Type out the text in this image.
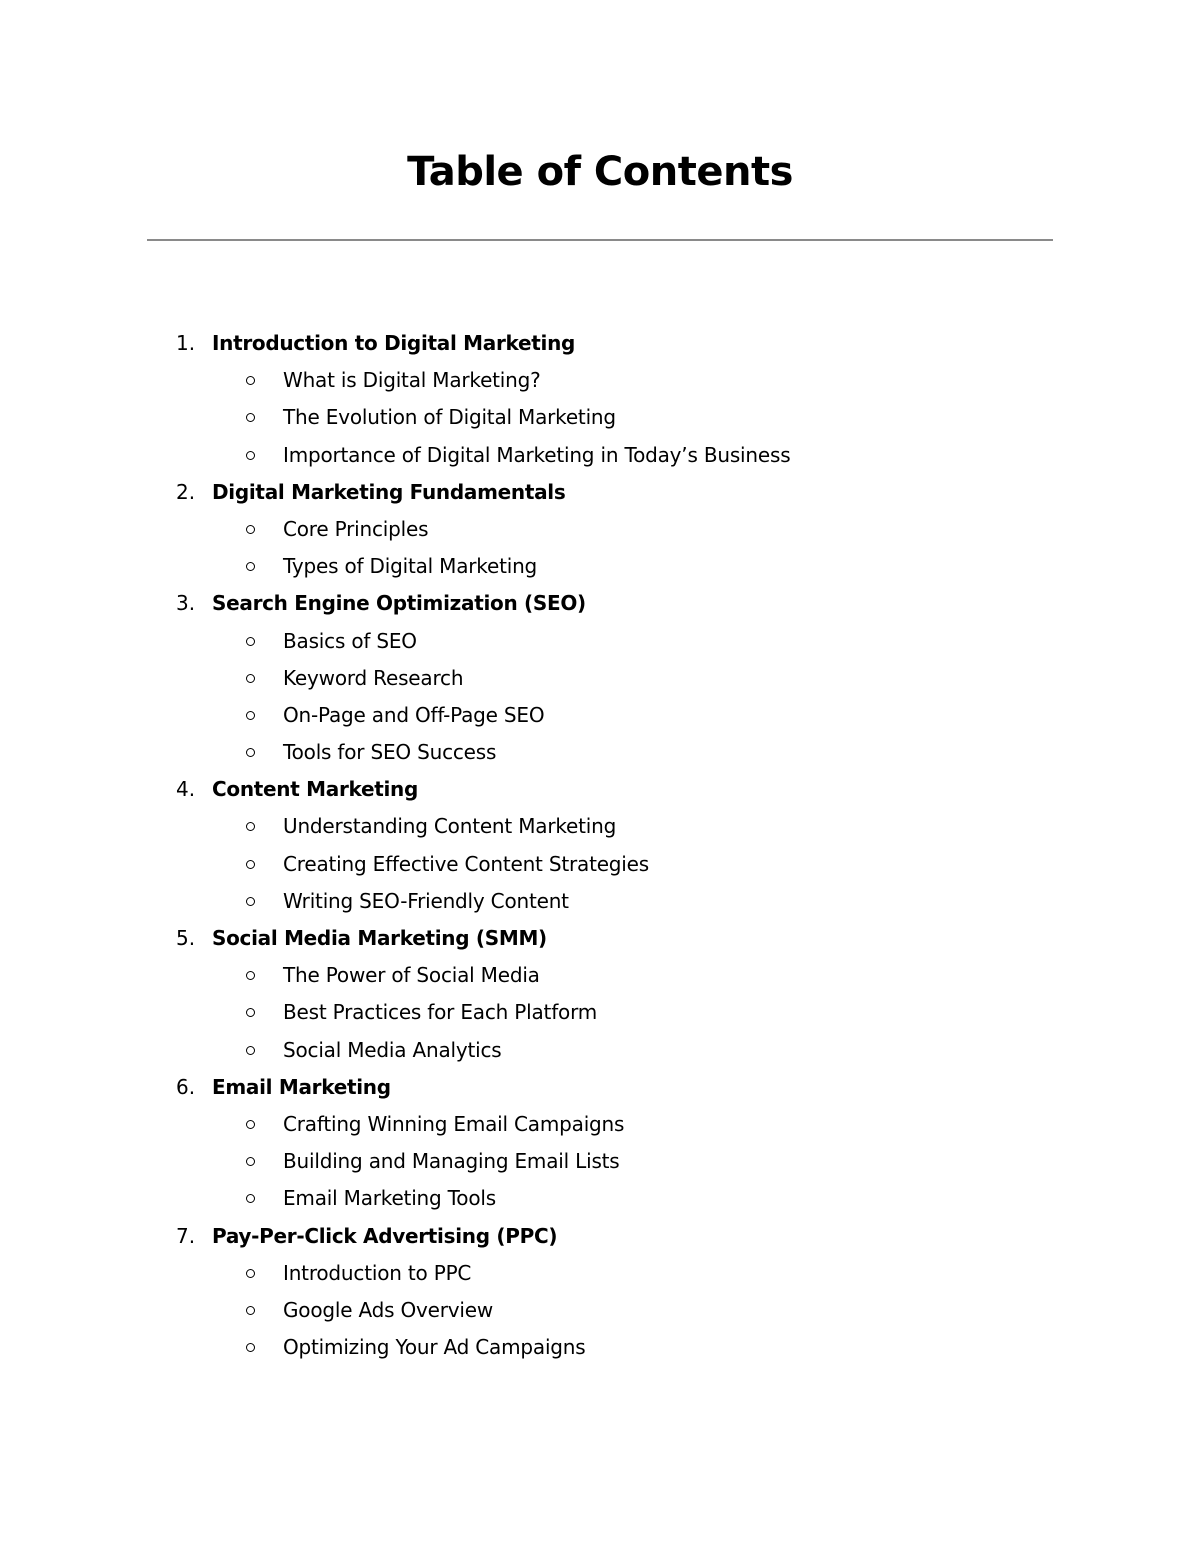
Table of Contents
1. Introduction to Digital Marketing
What is Digital Marketing?
The Evolution of Digital Marketing
Importance of Digital Marketing in Today’s Business
2. Digital Marketing Fundamentals
Core Principles
Types of Digital Marketing
3. Search Engine Optimization (SEO)
Basics of SEO
Keyword Research
On-Page and Off-Page SEO
Tools for SEO Success
4. Content Marketing
Understanding Content Marketing
Creating Effective Content Strategies
Writing SEO-Friendly Content
5. Social Media Marketing (SMM)
The Power of Social Media
Best Practices for Each Platform
Social Media Analytics
6. Email Marketing
Crafting Winning Email Campaigns
Building and Managing Email Lists
Email Marketing Tools
7. Pay-Per-Click Advertising (PPC)
Introduction to PPC
Google Ads Overview
Optimizing Your Ad Campaigns
